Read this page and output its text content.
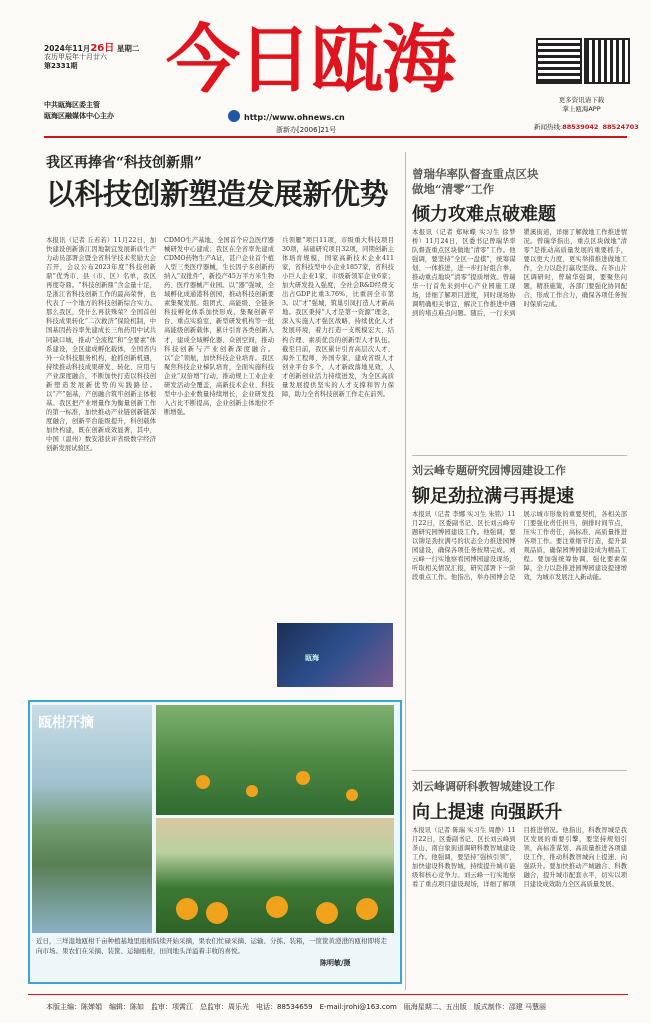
2024年11月26日 星期二
农历甲辰年十月廿六
第2331期
中共瓯海区委主管
瓯海区融媒体中心主办
今日瓯海
http://www.ohnews.cn
浙新办[2006]21号
更多资讯请下载
掌上瓯海APP
新闻热线:88539042 88524703
我区再捧省“科技创新鼎”
以科技创新塑造发展新优势
本报讯（记者 丘若若）11月22日，加快建设创新浙江因地制宜发展新质生产力动员部署会暨全省科学技术奖励大会召开，会议公布2023年度“科技创新鼎”优秀市、县（市、区）名单，我区再度夺鼎。“科技创新鼎”含金量十足，是浙江省科技创新工作的最高荣誉，也代表了一个地方的科技创新综合实力。那么我区，凭什么再获殊荣？全国首创科技成果转化“二次救济”保险机制，中国基因药谷率先建成长三角药用中试共同缺口城，推动“全流程”和“全要素”体系建设，全区建成孵化载体，全国省内外一众科技服务机构，抢抓创新机遇，持续推动科技成果研发、转化、应用与产业深度融合，不断加快打造以科技创新塑造发展新优势的实践路径。以“产”强基，产创融合筑牢创新主体根基。我区把产业增量作为衡量创新工作的第一标准，加快推动产业链创新链深度融合，创新平台能级提升，科创载体加快构建，既在创新成效显著，其中，中国（温州）数安港获评省级数字经济创新发展试验区。
CDMO生产基地、全国首个应急医疗器械研发中心建成；我区在全省率先建成CDMO药物生产A证，甚户企业首个植入型三类医疗器械，生长因子多创新药纳入“双批件”，新投产45万平方米生物药、医疗器械产业园。以“器”强城，全域孵化成通港科创园，推动科技创新要素集聚发展。组团式、高能级、全链条科技孵化体系加快形成，集聚创新平台、重点实验室、新型研发机构等一批高能级创新载体，累计引育各类创新人才，建成全域孵化器、众创空间，推动科技创新与产业创新深度融合。以“企”领航，加快科技企业培育。我区聚焦科技企业梯队培育，全面实施科技企业“双倍增”行动，推动规上工业企业研发活动全覆盖，高新技术企业、科技型中小企业数量持续增长，企业研发投入占比不断提高，企业创新主体地位不断增强。
兵领雁”项目11项，市级重大科技项目30项，基础研究项目32项，同期创新主体培育规模，国家高新技术企业411家，省科技型中小企业1857家，省科技小巨人企业1家，市级新领军企业6家；加大研发投入强度，全社会R&D经费支出占GDP比重3.76%，比重居全市第3。以“才”强城，筑巢引凤打造人才新高地。我区秉持“人才是第一资源”理念，深入实施人才强区战略，持续优化人才发展环境，着力打造一支规模宏大、结构合理、素质优良的创新型人才队伍。截至目前，我区累计引育高层次人才、海外工程师、外国专家，建成省级人才创业平台多个，人才新政落地见效，人才创新创业活力持续迸发，为全区高质量发展提供坚实的人才支撑和智力保障，助力全省科技创新工作走在前列。
瓯海
瓯柑开摘
近日，三垟湿地瓯柑千亩种植基地里瓯柑陆续开始采摘，果农们忙碌采摘、运输、分拣、装箱，一筐筐黄澄澄的瓯柑即将走向市场。果农们在采摘、装筐、运输瓯柑，田间地头洋溢着丰收的喜悦。
陈明敏/摄
曾瑞华率队督查重点区块
做地“清零”工作
倾力攻难点破难题
本报讯（记者 郑咏蝶 实习生 徐梦桥）11月24日，区委书记曾瑞华率队督查重点区块做地“清零”工作。他强调，要坚持“全区一盘棋”，统筹谋划、一体推进，进一步打好组合拳，推动重点地块“清零”提质增效。曾瑞华一行首先来到中心产业园施工现场，详细了解项目进度，同时现场协调明确相关事宜，解决工作推进中遇到的堵点难点问题。随后，一行来到瞿溪街道，详细了解做地工作推进情况。曾瑞华指出，重点区块做地“清零”是推动高质量发展的重要抓手，要以更大力度、更实举措推进做地工作，全力以赴打赢攻坚战。在茶山片区调研时，曾瑞华强调，要聚焦问题，精准施策，各部门要强化协同配合，形成工作合力，确保各项任务按时保质完成。
刘云峰专题研究园博园建设工作
铆足劲拉满弓再提速
本报讯（记者 李娜 实习生 朱铭）11月22日，区委副书记、区长刘云峰专题研究园博园建设工作。他强调，要以铆足劲拉满弓的状态全力推进园博园建设，确保各项任务按期完成。刘云峰一行实地察看园博园建设现场，听取相关情况汇报，研究部署下一阶段重点工作。他指出，举办园博会是展示城市形象的重要契机，各相关部门要强化责任担当，倒排时间节点，压实工作责任，高标准、高质量推进各项工作。要注重细节打造，提升景观品质，确保园博园建设成为精品工程。要加强统筹协调，强化要素保障，全力以赴推进园博园建设提速增效，为城市发展注入新动能。
刘云峰调研科教智城建设工作
向上提速 向强跃升
本报讯（记者 陈瑞 实习生 周静）11月22日，区委副书记、区长刘云峰到茶山、南白象街道调研科教智城建设工作。他强调，要坚持“强核引领”，加快建设科教智城，持续提升城市能级和核心竞争力。刘云峰一行实地察看了重点项目建设现场，详细了解项目推进情况。他指出，科教智城是我区发展的重要引擎，要坚持规划引领，高标准谋划、高质量推进各项建设工作，推动科教智城向上提速、向强跃升。要加快推动产城融合、科教融合，提升城市配套水平，切实以项目建设成效助力全区高质量发展。
本版主编：陈婵娟　编辑：陈如　监审：项霄江　总监审：周乐光　电话：88534659　E-mail:jrohi@163.com　瓯海星期二、五出版　版式制作：邵建 马慧丽
